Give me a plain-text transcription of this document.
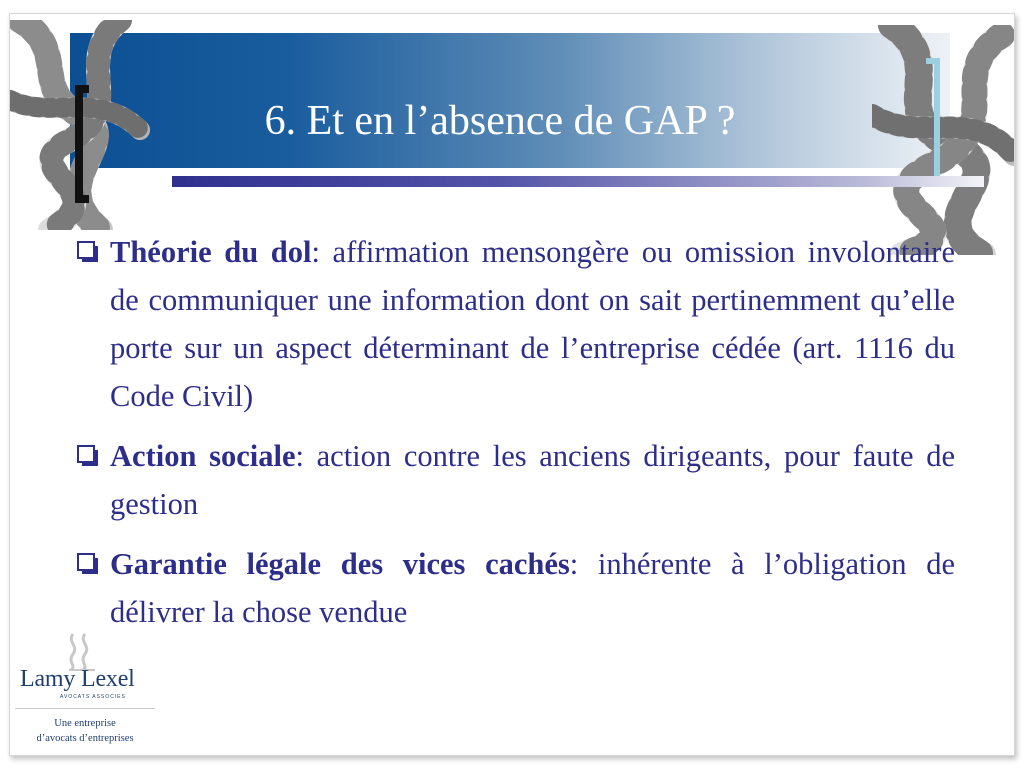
6. Et en l’absence de GAP ?
Théorie du dol: affirmation mensongère ou omission involontaire de communiquer une information dont on sait pertinemment qu’elle porte sur un aspect déterminant de l’entreprise cédée (art. 1116 du Code Civil)
Action sociale: action contre les anciens dirigeants, pour faute de gestion
Garantie légale des vices cachés: inhérente à l’obligation de délivrer la chose vendue
Lamy Lexel
AVOCATS ASSOCIES
Une entreprise
d’avocats d’entreprises
